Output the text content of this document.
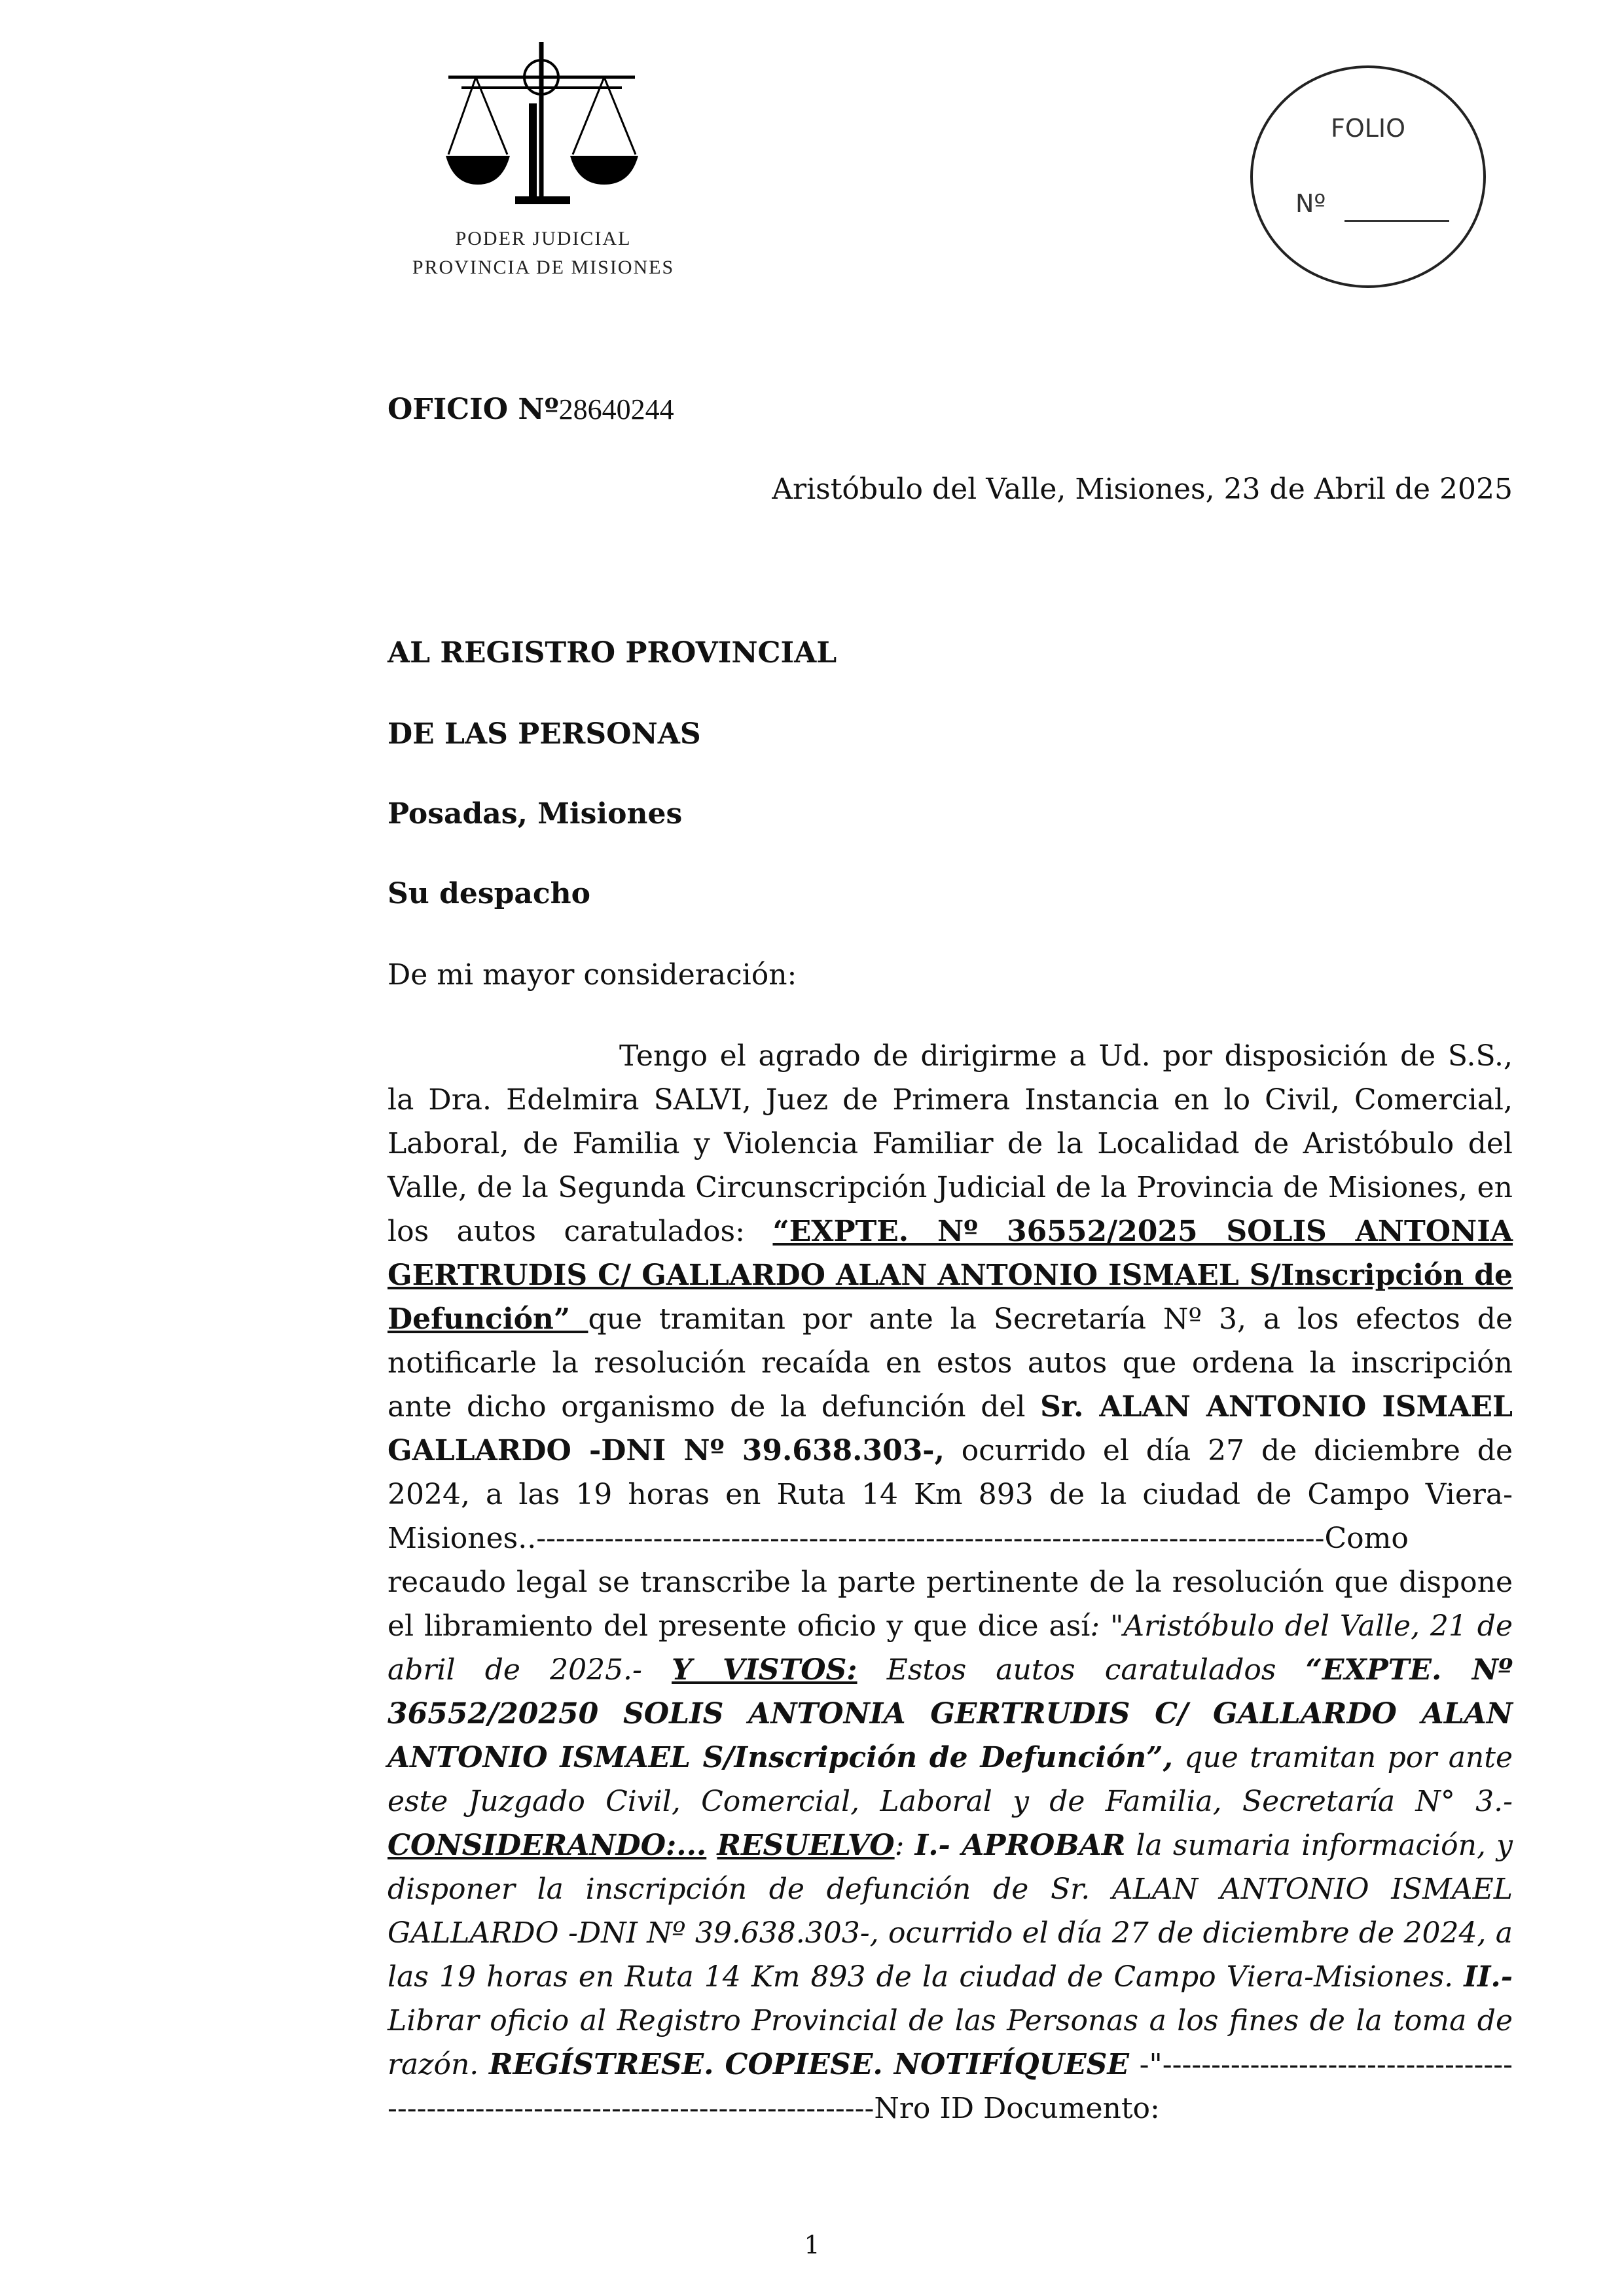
PODER JUDICIAL
PROVINCIA DE MISIONES
FOLIO
Nº
OFICIO Nº28640244
Aristóbulo del Valle, Misiones, 23 de Abril de 2025
AL REGISTRO PROVINCIAL
DE LAS PERSONAS
Posadas, Misiones
Su despacho
De mi mayor consideración:

Tengo el agrado de dirigirme a Ud. por disposición de S.S., la Dra. Edelmira SALVI, Juez de Primera Instancia en lo Civil, Comercial, Laboral, de Familia y Violencia Familiar de la Localidad de Aristóbulo del Valle, de la Segunda Circunscripción Judicial de la Provincia de Misiones, en los autos caratulados: “EXPTE. Nº 36552/2025 SOLIS ANTONIA GERTRUDIS C/ GALLARDO ALAN ANTONIO ISMAEL S/Inscripción de Defunción” que tramitan por ante la Secretaría Nº 3, a los efectos de notificarle la resolución recaída en estos autos que ordena la inscripción ante dicho organismo de la defunción del Sr. ALAN ANTONIO ISMAEL GALLARDO -DNI Nº 39.638.303-, ocurrido el día 27 de diciembre de 2024, a las 19 horas en Ruta 14 Km 893 de la ciudad de Campo Viera-Misiones..---------------------------------------------------------------------------------Como recaudo legal se transcribe la parte pertinente de la resolución que dispone el libramiento del presente oficio y que dice así: "Aristóbulo del Valle, 21 de abril de 2025.- Y VISTOS: Estos autos caratulados “EXPTE. Nº 36552/20250 SOLIS ANTONIA GERTRUDIS C/ GALLARDO ALAN ANTONIO ISMAEL S/Inscripción de Defunción”, que tramitan por ante este Juzgado Civil, Comercial, Laboral y de Familia, Secretaría N° 3.- CONSIDERANDO:... RESUELVO: I.- APROBAR la sumaria información, y disponer la inscripción de defunción de Sr. ALAN ANTONIO ISMAEL GALLARDO -DNI Nº 39.638.303-, ocurrido el día 27 de diciembre de 2024, a las 19 horas en Ruta 14 Km 893 de la ciudad de Campo Viera-Misiones. II.- Librar oficio al Registro Provincial de las Personas a los fines de la toma de razón. REGÍSTRESE. COPIESE. NOTIFÍQUESE -"--------------------------------------------------------------------------------------Nro ID Documento:

1
